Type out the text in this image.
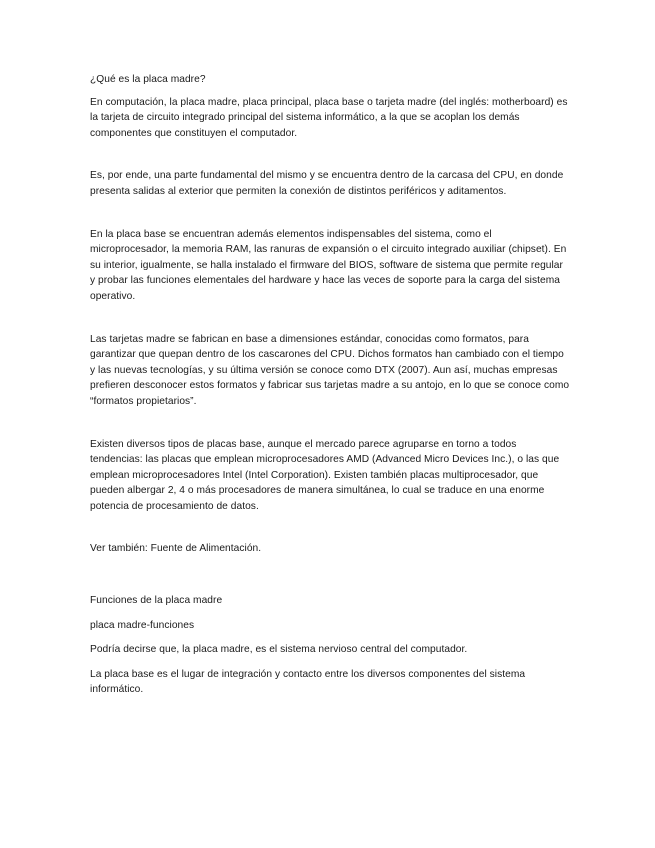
¿Qué es la placa madre?

En computación, la placa madre, placa principal, placa base o tarjeta madre (del inglés: motherboard) es la tarjeta de circuito integrado principal del sistema informático, a la que se acoplan los demás componentes que constituyen el computador.

Es, por ende, una parte fundamental del mismo y se encuentra dentro de la carcasa del CPU, en donde presenta salidas al exterior que permiten la conexión de distintos periféricos y aditamentos.

En la placa base se encuentran además elementos indispensables del sistema, como el microprocesador, la memoria RAM, las ranuras de expansión o el circuito integrado auxiliar (chipset). En su interior, igualmente, se halla instalado el firmware del BIOS, software de sistema que permite regular y probar las funciones elementales del hardware y hace las veces de soporte para la carga del sistema operativo.

Las tarjetas madre se fabrican en base a dimensiones estándar, conocidas como formatos, para garantizar que quepan dentro de los cascarones del CPU. Dichos formatos han cambiado con el tiempo y las nuevas tecnologías, y su última versión se conoce como DTX (2007). Aun así, muchas empresas prefieren desconocer estos formatos y fabricar sus tarjetas madre a su antojo, en lo que se conoce como “formatos propietarios”.

Existen diversos tipos de placas base, aunque el mercado parece agruparse en torno a todos tendencias: las placas que emplean microprocesadores AMD (Advanced Micro Devices Inc.), o las que emplean microprocesadores Intel (Intel Corporation). Existen también placas multiprocesador, que pueden albergar 2, 4 o más procesadores de manera simultánea, lo cual se traduce en una enorme potencia de procesamiento de datos.

Ver también: Fuente de Alimentación.

Funciones de la placa madre

placa madre-funciones

Podría decirse que, la placa madre, es el sistema nervioso central del computador.

La placa base es el lugar de integración y contacto entre los diversos componentes del sistema informático.
